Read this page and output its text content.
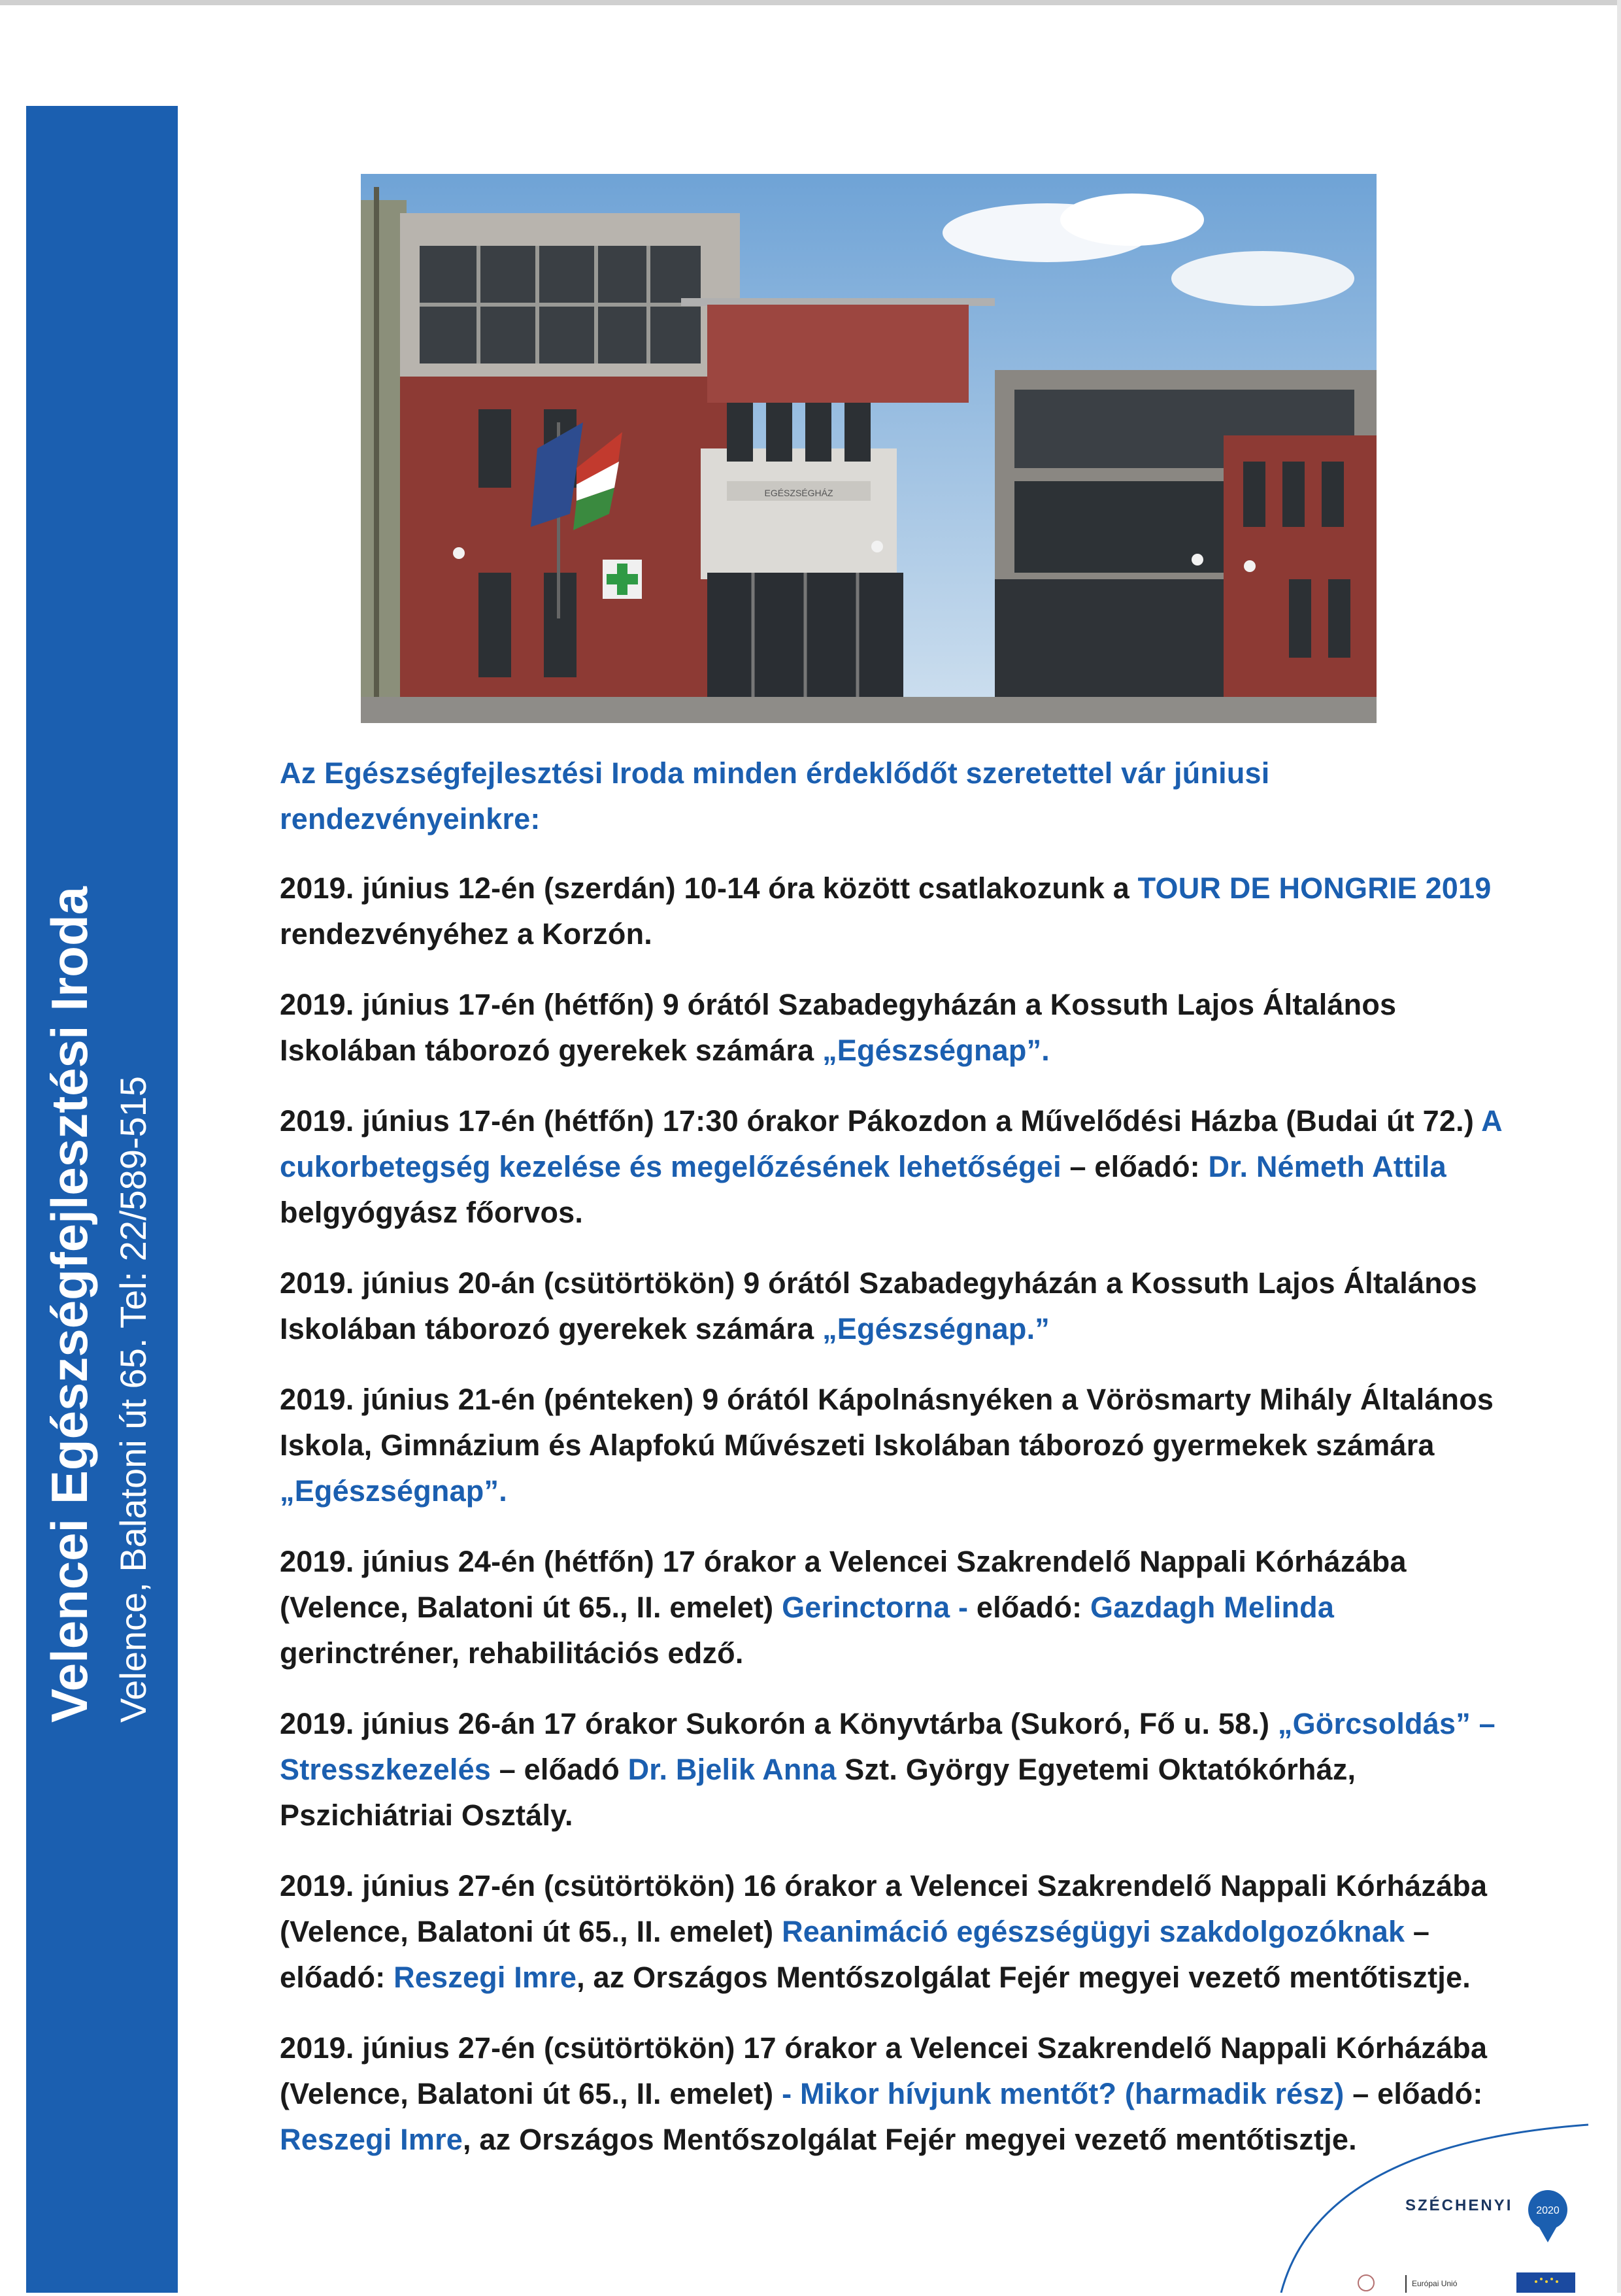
Velencei Egészségfejlesztési Iroda Velence, Balatoni út 65. Tel: 22/589-515
EGÉSZSÉGHÁZ

Az Egészségfejlesztési Iroda minden érdeklődőt szeretettel vár júniusi rendezvényeinkre:

2019. június 12-én (szerdán) 10-14 óra között csatlakozunk a TOUR DE HONGRIE 2019 rendezvényéhez a Korzón.

2019. június 17-én (hétfőn) 9 órától Szabadegyházán a Kossuth Lajos Általános Iskolában táborozó gyerekek számára „Egészségnap”.

2019. június 17-én (hétfőn) 17:30 órakor Pákozdon a Művelődési Házba (Budai út 72.) A cukorbetegség kezelése és megelőzésének lehetőségei – előadó: Dr. Németh Attila belgyógyász főorvos.

2019. június 20-án (csütörtökön) 9 órától Szabadegyházán a Kossuth Lajos Általános Iskolában táborozó gyerekek számára „Egészségnap.”

2019. június 21-én (pénteken) 9 órától Kápolnásnyéken a Vörösmarty Mihály Általános Iskola, Gimnázium és Alapfokú Művészeti Iskolában táborozó gyermekek számára „Egészségnap”.

2019. június 24-én (hétfőn) 17 órakor a Velencei Szakrendelő Nappali Kórházába (Velence, Balatoni út 65., II. emelet) Gerinctorna - előadó: Gazdagh Melinda gerinctréner, rehabilitációs edző.

2019. június 26-án 17 órakor Sukorón a Könyvtárba (Sukoró, Fő u. 58.) „Görcsoldás” –Stresszkezelés – előadó Dr. Bjelik Anna Szt. György Egyetemi Oktatókórház, Pszichiátriai Osztály.

2019. június 27-én (csütörtökön) 16 órakor a Velencei Szakrendelő Nappali Kórházába (Velence, Balatoni út 65., II. emelet) Reanimáció egészségügyi szakdolgozóknak – előadó: Reszegi Imre, az Országos Mentőszolgálat Fejér megyei vezető mentőtisztje.

2019. június 27-én (csütörtökön) 17 órakor a Velencei Szakrendelő Nappali Kórházába (Velence, Balatoni út 65., II. emelet) - Mikor hívjunk mentőt? (harmadik rész) – előadó: Reszegi Imre, az Országos Mentőszolgálat Fejér megyei vezető mentőtisztje.

2020
SZÉCHENYI
Európai Unió
